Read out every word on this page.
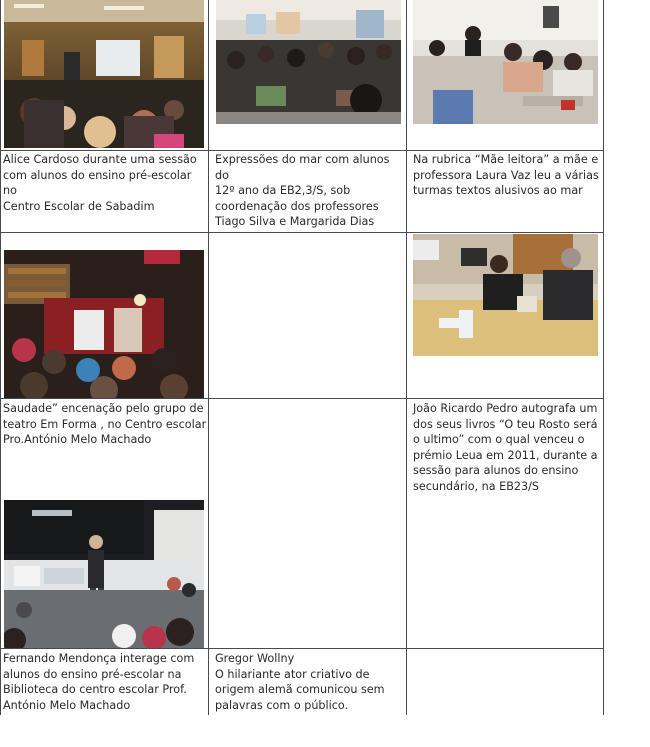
Alice Cardoso durante uma sessão
com alunos do ensino pré-escolar no
Centro Escolar de Sabadim
Expressões do mar com alunos do
12º ano da EB2,3/S, sob
coordenação dos professores
Tiago Silva e Margarida Dias
Na rubrica “Mãe leitora” a mãe e
professora Laura Vaz leu a várias
turmas textos alusivos ao mar
Saudade” encenação pelo grupo de
teatro Em Forma , no Centro escolar
Pro.António Melo Machado
João Ricardo Pedro autografa um
dos seus livros “O teu Rosto será
o ultimo” com o qual venceu o
prémio Leua em 2011, durante a
sessão para alunos do ensino
secundário, na EB23/S
Fernando Mendonça interage com
alunos do ensino pré-escolar na
Biblioteca do centro escolar Prof.
António Melo Machado
Gregor Wollny
O hilariante ator criativo de
origem alemã comunicou sem
palavras com o público.
